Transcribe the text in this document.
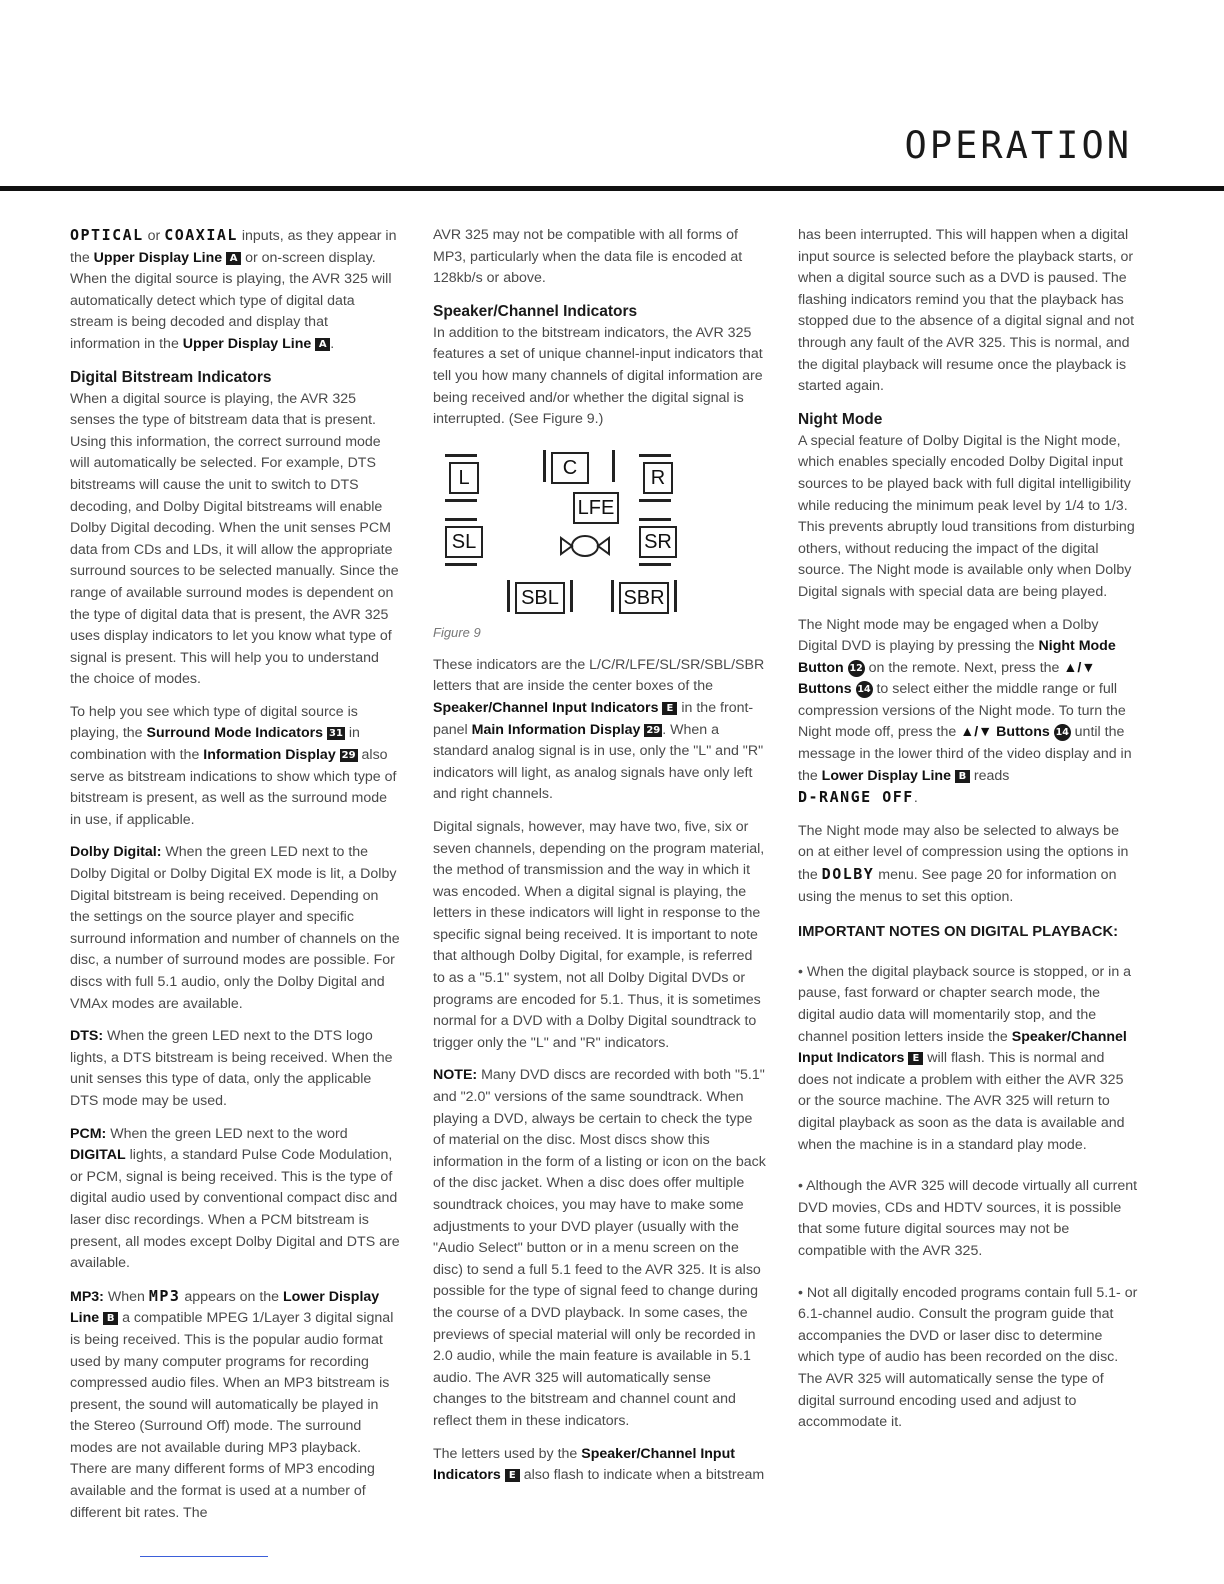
OPERATION

OPTICAL or COAXIAL inputs, as they appear in the Upper Display Line A or on-screen display. When the digital source is playing, the AVR 325 will automatically detect which type of digital data stream is being decoded and display that information in the Upper Display Line A .

Digital Bitstream Indicators

When a digital source is playing, the AVR 325 senses the type of bitstream data that is present. Using this information, the correct surround mode will automatically be selected. For example, DTS bitstreams will cause the unit to switch to DTS decoding, and Dolby Digital bitstreams will enable Dolby Digital decoding. When the unit senses PCM data from CDs and LDs, it will allow the appropriate surround sources to be selected manually. Since the range of available surround modes is dependent on the type of digital data that is present, the AVR 325 uses display indicators to let you know what type of signal is present. This will help you to understand the choice of modes.

To help you see which type of digital source is playing, the Surround Mode Indicators 31 in combination with the Information Display 29 also serve as bitstream indications to show which type of bitstream is present, as well as the surround mode in use, if applicable.

Dolby Digital: When the green LED next to the Dolby Digital or Dolby Digital EX mode is lit, a Dolby Digital bitstream is being received. Depending on the settings on the source player and specific surround information and number of channels on the disc, a number of surround modes are possible. For discs with full 5.1 audio, only the Dolby Digital and VMAx modes are available.

DTS: When the green LED next to the DTS logo lights, a DTS bitstream is being received. When the unit senses this type of data, only the applicable DTS mode may be used.

PCM: When the green LED next to the word DIGITAL lights, a standard Pulse Code Modulation, or PCM, signal is being received. This is the type of digital audio used by conventional compact disc and laser disc recordings. When a PCM bitstream is present, all modes except Dolby Digital and DTS are available.

MP3: When MP3 appears on the Lower Display Line B a compatible MPEG 1/Layer 3 digital signal is being received. This is the popular audio format used by many computer programs for recording compressed audio files. When an MP3 bitstream is present, the sound will automatically be played in the Stereo (Surround Off) mode. The surround modes are not available during MP3 playback. There are many different forms of MP3 encoding available and the format is used at a number of different bit rates. The

AVR 325 may not be compatible with all forms of MP3, particularly when the data file is encoded at 128kb/s or above.

Speaker/Channel Indicators

In addition to the bitstream indicators, the AVR 325 features a set of unique channel-input indicators that tell you how many channels of digital information are being received and/or whether the digital signal is interrupted. (See Figure 9.)

L	C	R
LFE
SL	SR
SBL	SBR
Figure 9

These indicators are the L/C/R/LFE/SL/SR/SBL/SBR letters that are inside the center boxes of the Speaker/Channel Input Indicators E in the front-panel Main Information Display 29 . When a standard analog signal is in use, only the "L" and "R" indicators will light, as analog signals have only left and right channels.

Digital signals, however, may have two, five, six or seven channels, depending on the program material, the method of transmission and the way in which it was encoded. When a digital signal is playing, the letters in these indicators will light in response to the specific signal being received. It is important to note that although Dolby Digital, for example, is referred to as a "5.1" system, not all Dolby Digital DVDs or programs are encoded for 5.1. Thus, it is sometimes normal for a DVD with a Dolby Digital soundtrack to trigger only the "L" and "R" indicators.

NOTE: Many DVD discs are recorded with both "5.1" and "2.0" versions of the same soundtrack. When playing a DVD, always be certain to check the type of material on the disc. Most discs show this information in the form of a listing or icon on the back of the disc jacket. When a disc does offer multiple soundtrack choices, you may have to make some adjustments to your DVD player (usually with the "Audio Select" button or in a menu screen on the disc) to send a full 5.1 feed to the AVR 325. It is also possible for the type of signal feed to change during the course of a DVD playback. In some cases, the previews of special material will only be recorded in 2.0 audio, while the main feature is available in 5.1 audio. The AVR 325 will automatically sense changes to the bitstream and channel count and reflect them in these indicators.

The letters used by the Speaker/Channel Input Indicators E also flash to indicate when a bitstream

has been interrupted. This will happen when a digital input source is selected before the playback starts, or when a digital source such as a DVD is paused. The flashing indicators remind you that the playback has stopped due to the absence of a digital signal and not through any fault of the AVR 325. This is normal, and the digital playback will resume once the playback is started again.

Night Mode

A special feature of Dolby Digital is the Night mode, which enables specially encoded Dolby Digital input sources to be played back with full digital intelligibility while reducing the minimum peak level by 1/4 to 1/3. This prevents abruptly loud transitions from disturbing others, without reducing the impact of the digital source. The Night mode is available only when Dolby Digital signals with special data are being played.

The Night mode may be engaged when a Dolby Digital DVD is playing by pressing the Night Mode Button 12 on the remote. Next, press the ▲/▼ Buttons 14 to select either the middle range or full compression versions of the Night mode. To turn the Night mode off, press the ▲/▼ Buttons 14 until the message in the lower third of the video display and in the Lower Display Line B reads
D-RANGE OFF.

The Night mode may also be selected to always be on at either level of compression using the options in the DOLBY menu. See page 20 for information on using the menus to set this option.

IMPORTANT NOTES ON DIGITAL PLAYBACK:

• When the digital playback source is stopped, or in a pause, fast forward or chapter search mode, the digital audio data will momentarily stop, and the channel position letters inside the Speaker/Channel Input Indicators E will flash. This is normal and does not indicate a problem with either the AVR 325 or the source machine. The AVR 325 will return to digital playback as soon as the data is available and when the machine is in a standard play mode.

• Although the AVR 325 will decode virtually all current DVD movies, CDs and HDTV sources, it is possible that some future digital sources may not be compatible with the AVR 325.

• Not all digitally encoded programs contain full 5.1- or 6.1-channel audio. Consult the program guide that accompanies the DVD or laser disc to determine which type of audio has been recorded on the disc. The AVR 325 will automatically sense the type of digital surround encoding used and adjust to accommodate it.
